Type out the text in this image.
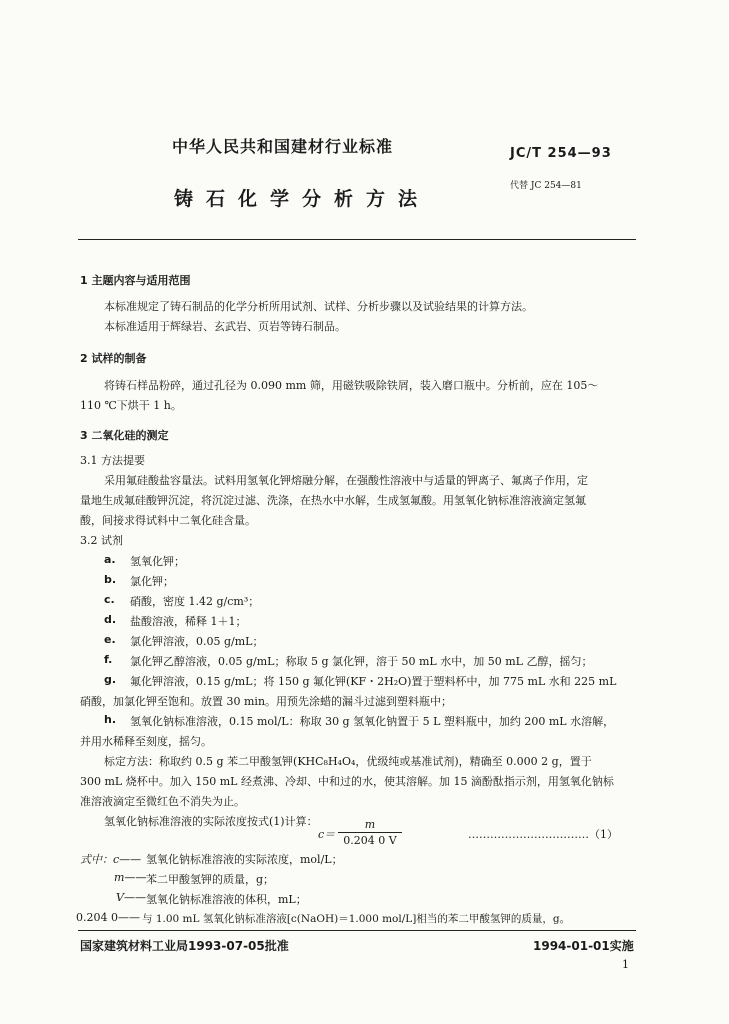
中华人民共和国建材行业标准	JC/T 254—93
铸石化学分析方法
代替 JC 254—81
1 主题内容与适用范围
本标准规定了铸石制品的化学分析所用试剂、试样、分析步骤以及试验结果的计算方法。
本标准适用于辉绿岩、玄武岩、页岩等铸石制品。
2 试样的制备
将铸石样品粉碎，通过孔径为 0.090 mm 筛，用磁铁吸除铁屑，装入磨口瓶中。分析前，应在 105～
110 ℃下烘干 1 h。
3 二氧化硅的测定
3.1 方法提要
采用氟硅酸盐容量法。试料用氢氧化钾熔融分解，在强酸性溶液中与适量的钾离子、氟离子作用，定
量地生成氟硅酸钾沉淀，将沉淀过滤、洗涤，在热水中水解，生成氢氟酸。用氢氧化钠标准溶液滴定氢氟
酸，间接求得试料中二氧化硅含量。
3.2 试剂
a. 氢氧化钾；
b. 氯化钾；
c. 硝酸，密度 1.42 g/cm³；
d. 盐酸溶液，稀释 1＋1；
e. 氯化钾溶液，0.05 g/mL；
f. 氯化钾乙醇溶液，0.05 g/mL；称取 5 g 氯化钾，溶于 50 mL 水中，加 50 mL 乙醇，摇匀；
g. 氟化钾溶液，0.15 g/mL；将 150 g 氟化钾(KF・2H₂O)置于塑料杯中，加 775 mL 水和 225 mL
硝酸，加氯化钾至饱和。放置 30 min。用预先涂蜡的漏斗过滤到塑料瓶中；
h. 氢氧化钠标准溶液，0.15 mol/L：称取 30 g 氢氧化钠置于 5 L 塑料瓶中，加约 200 mL 水溶解，
并用水稀释至刻度，摇匀。
标定方法：称取约 0.5 g 苯二甲酸氢钾(KHC₈H₄O₄，优级纯或基准试剂)，精确至 0.000 2 g，置于
300 mL 烧杯中。加入 150 mL 经煮沸、冷却、中和过的水，使其溶解。加 15 滴酚酞指示剂，用氢氧化钠标
准溶液滴定至微红色不消失为止。
氢氧化钠标准溶液的实际浓度按式(1)计算：
c＝
m
0.204 0 V	……………………………（1）
式中：c—— 氢氧化钠标准溶液的实际浓度，mol/L；
m—— 苯二甲酸氢钾的质量，g；
V—— 氢氧化钠标准溶液的体积，mL；
0.204 0—— 与 1.00 mL 氢氧化钠标准溶液[c(NaOH)＝1.000 mol/L]相当的苯二甲酸氢钾的质量，g。
国家建筑材料工业局1993-07-05批准	1994-01-01实施
1
